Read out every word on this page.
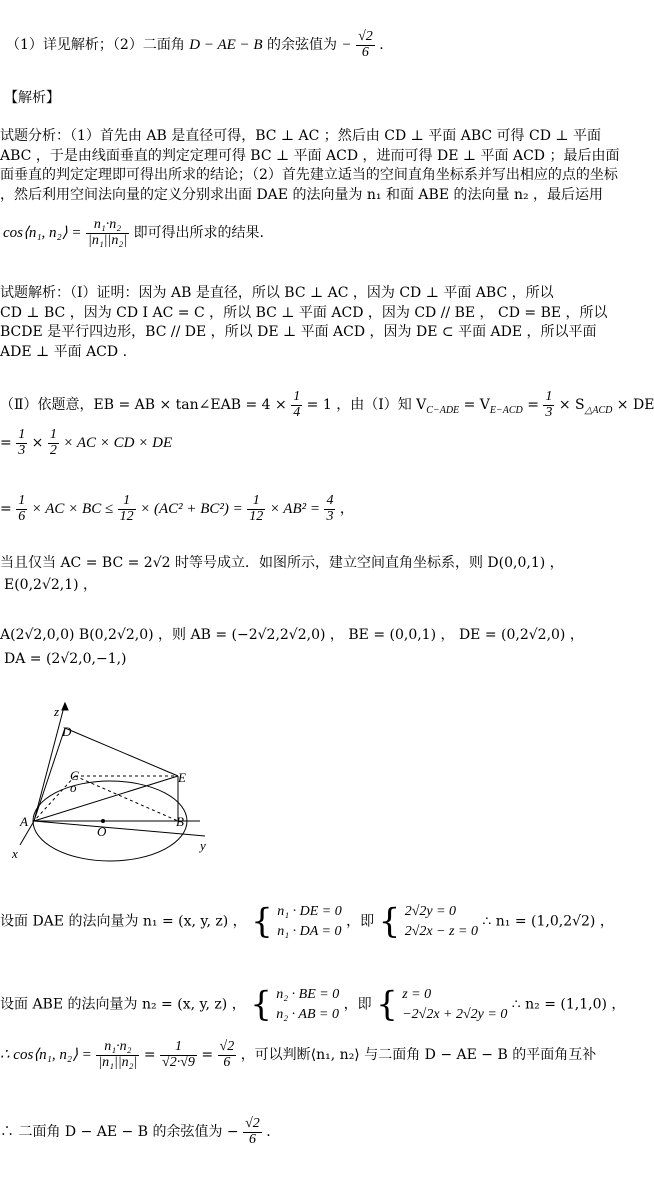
（1）详见解析；（2）二面角 D − AE − B 的余弦值为 − $\frac{√2}{6}$ .
【解析】
试题分析：（1）首先由 AB 是直径可得，BC ⊥ AC ；然后由 CD ⊥ 平面 ABC 可得 CD ⊥ 平面
ABC ，于是由线面垂直的判定定理可得 BC ⊥ 平面 ACD ，进而可得 DE ⊥ 平面 ACD ；最后由面
面垂直的判定定理即可得出所求的结论；（2）首先建立适当的空间直角坐标系并写出相应的点的坐标
，然后利用空间法向量的定义分别求出面 DAE 的法向量为 n₁ 和面 ABE 的法向量 n₂ ，最后运用
cos⟨n₁, n₂⟩ = $\frac{\text{n₁·n₂}}{\text{|n₁||n₂|}}$ 即可得出所求的结果.
试题解析：（Ⅰ）证明：因为 AB 是直径，所以 BC ⊥ AC ，因为 CD ⊥ 平面 ABC ，所以
CD ⊥ BC ，因为 CD I AC = C ，所以 BC ⊥ 平面 ACD ，因为 CD // BE ， CD = BE ，所以
BCDE 是平行四边形，BC // DE ，所以 DE ⊥ 平面 ACD ，因为 DE ⊂ 平面 ADE ，所以平面
ADE ⊥ 平面 ACD .
（Ⅱ）依题意，EB = AB × tan∠EAB = $4 \times \frac{1}{4} = 1$ ，由（Ⅰ）知 $V_{C-ADE} = V_{E-ACD} = \frac{1}{3} \times S_{\triangle ACD}$ × DE
= $\frac{1}{3} \times \frac{1}{2}$ × AC × CD × DE
= $\frac{1}{6}$ × AC × BC ≤ $\frac{1}{12} \times (AC^2 + BC^2) = \frac{1}{12} \times AB^2 = \frac{4}{3}$ ，
当且仅当 AC = BC = 2√2 时等号成立．如图所示，建立空间直角坐标系，则 D(0,0,1) ，
E(0,2√2,1) ，
A(2√2,0,0) B(0,2√2,0) ，则 AB = (−2√2,2√2,0) ， BE = (0,0,1) ， DE = (0,2√2,0) ，
DA = (2√2,0,−1,)
z
D
C
o
E
A
O
B
x
y
设面 DAE 的法向量为 n₁ = (x, y, z) ， { n₁ · DE = 0
n₁ · DA = 0
，即 { 2√2y = 0
2√2x − z = 0
∴ n₁ = (1,0,2√2) ，
设面 ABE 的法向量为 n₂ = (x, y, z) ， { n₂ · BE = 0
n₂ · AB = 0
，即 { z = 0
−2√2x + 2√2y = 0
∴ n₂ = (1,1,0) ，
∴ cos⟨n₁, n₂⟩ = $\frac{\text{n₁·n₂}}{\text{|n₁||n₂|}} = \frac{1}{√2\cdot√9} = \frac{√2}{6}$ ，可以判断⟨n₁, n₂⟩ 与二面角 D − AE − B 的平面角互补
∴ 二面角 D − AE − B 的余弦值为 − $\frac{√2}{6}$ .
